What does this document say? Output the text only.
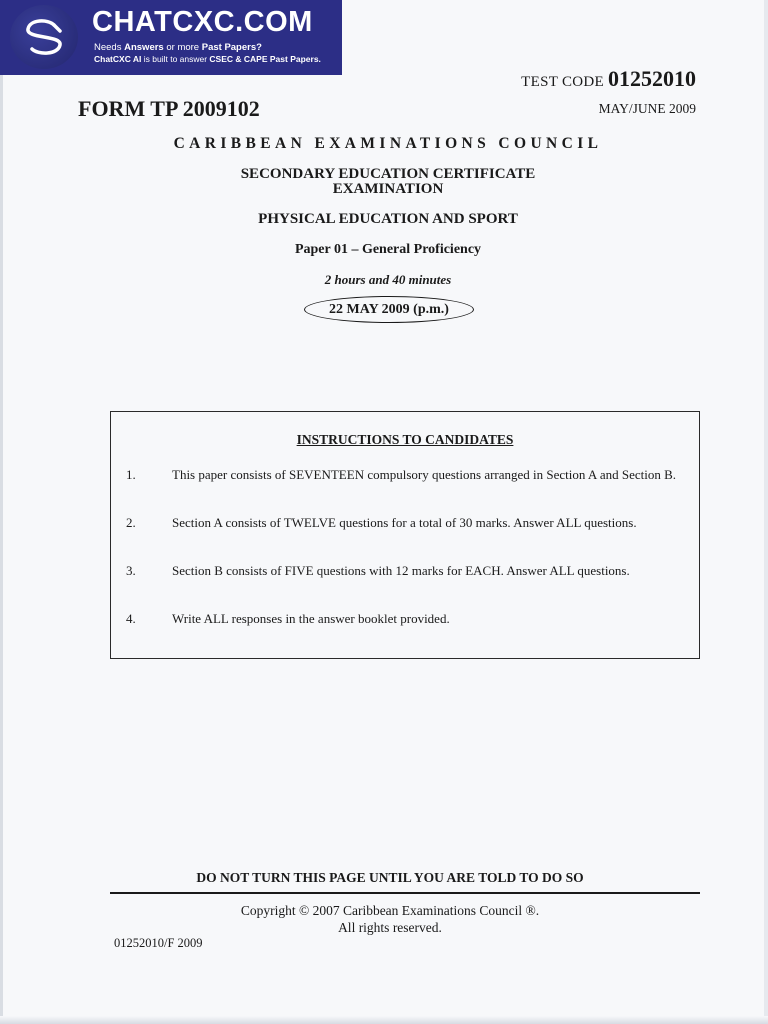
CHATCXC.COM
Needs Answers or more Past Papers?
ChatCXC AI is built to answer CSEC & CAPE Past Papers.
TEST CODE 01252010
MAY/JUNE 2009
FORM TP 2009102
CARIBBEAN EXAMINATIONS COUNCIL
SECONDARY EDUCATION CERTIFICATE
EXAMINATION
PHYSICAL EDUCATION AND SPORT
Paper 01 – General Proficiency
2 hours and 40 minutes
22 MAY 2009 (p.m.)
INSTRUCTIONS TO CANDIDATES
1.	This paper consists of SEVENTEEN compulsory questions arranged in Section A and Section B.
2.	Section A consists of TWELVE questions for a total of 30 marks. Answer ALL questions.
3.	Section B consists of FIVE questions with 12 marks for EACH. Answer ALL questions.
4.	Write ALL responses in the answer booklet provided.
DO NOT TURN THIS PAGE UNTIL YOU ARE TOLD TO DO SO
Copyright © 2007 Caribbean Examinations Council ®.
All rights reserved.
01252010/F 2009
